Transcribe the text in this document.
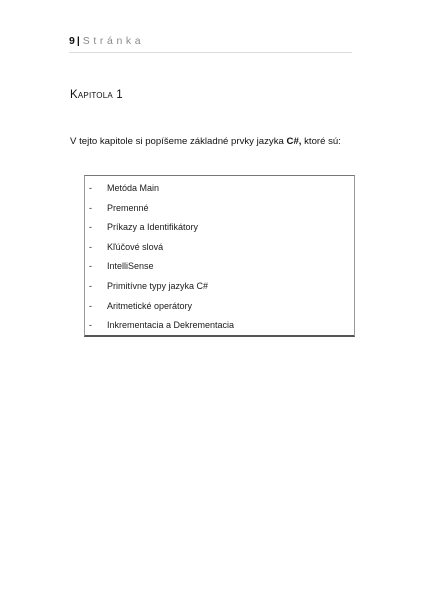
9 | Stránka
Kapitola 1
V tejto kapitole si popíšeme základné prvky jazyka C#, ktoré sú:
-	Metóda Main
-	Premenné
-	Príkazy a Identifikátory
-	Kľúčové slová
-	IntelliSense
-	Primitívne typy jazyka C#
-	Aritmetické operátory
-	Inkrementacia a Dekrementacia
